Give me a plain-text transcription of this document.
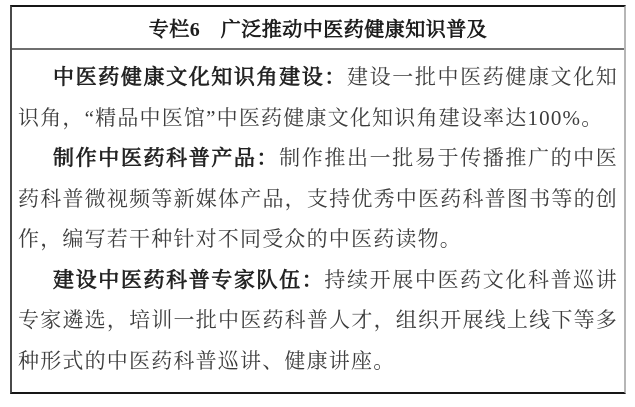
专栏6　广泛推动中医药健康知识普及

中医药健康文化知识角建设：建设一批中医药健康文化知识角，“精品中医馆”中医药健康文化知识角建设率达100%。

制作中医药科普产品：制作推出一批易于传播推广的中医药科普微视频等新媒体产品，支持优秀中医药科普图书等的创作，编写若干种针对不同受众的中医药读物。

建设中医药科普专家队伍：持续开展中医药文化科普巡讲专家遴选，培训一批中医药科普人才，组织开展线上线下等多种形式的中医药科普巡讲、健康讲座。
